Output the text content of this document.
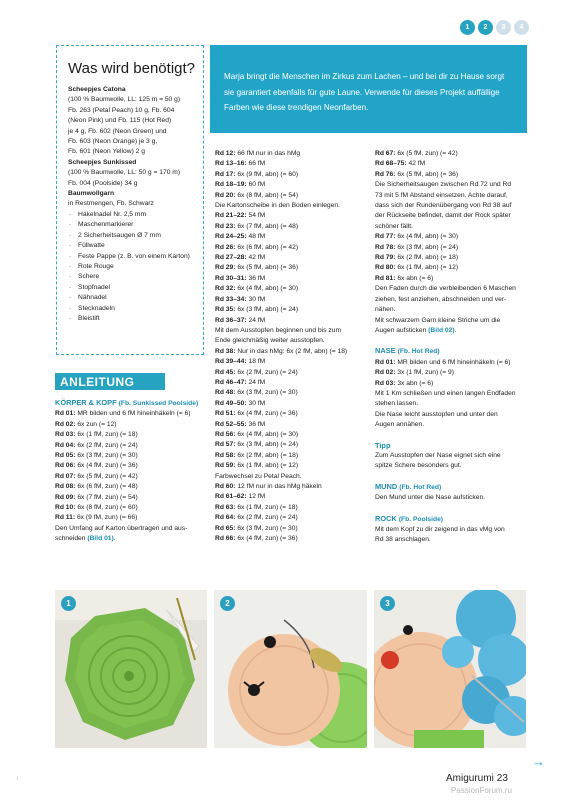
1	2	3	4
Was wird benötigt?
Scheepjes Catona
(100 % Baumwolle, LL: 125 m = 50 g)
Fb. 263 (Petal Peach) 10 g, Fb. 604
(Neon Pink) und Fb. 115 (Hot Red)
je 4 g, Fb. 602 (Neon Green) und
Fb. 603 (Neon Orange) je 3 g,
Fb. 601 (Neon Yellow) 2 g
Scheepjes Sunkissed
(100 % Baumwolle, LL: 50 g = 170 m)
Fb. 004 (Poolside) 34 g
Baumwollgarn
in Restmengen, Fb. Schwarz
· Häkelnadel Nr. 2,5 mm
· Maschenmarkierer
· 2 Sicherheitsaugen Ø 7 mm
· Füllwatte
· Feste Pappe (z. B. von einem Karton)
· Rote Rouge
· Schere
· Stopfnadel
· Nähnadel
· Stecknadeln
· Bleistift
Marja bringt die Menschen im Zirkus zum Lachen – und bei dir zu Hause sorgt sie garantiert ebenfalls für gute Laune. Verwende für dieses Projekt auffällige Farben wie diese trendigen Neonfarben.
ANLEITUNG
KÖRPER & KOPF (Fb. Sunkissed Poolside)
Rd 01: MR bilden und 6 fM hineinhäkeln (= 6)
Rd 02: 6x zun (= 12)
Rd 03: 6x (1 fM, zun) (= 18)
Rd 04: 6x (2 fM, zun) (= 24)
Rd 05: 6x (3 fM, zun) (= 30)
Rd 06: 6x (4 fM, zun) (= 36)
Rd 07: 6x (5 fM, zun) (= 42)
Rd 08: 6x (6 fM, zun) (= 48)
Rd 09: 6x (7 fM, zun) (= 54)
Rd 10: 6x (8 fM, zun) (= 60)
Rd 11: 6x (9 fM, zun) (= 66)
Den Umfang auf Karton übertragen und aus-
schneiden (Bild 01).
Rd 12: 66 fM nur in das hMg
Rd 13–16: 66 fM
Rd 17: 6x (9 fM, abn) (= 60)
Rd 18–19: 60 fM
Rd 20: 6x (8 fM, abn) (= 54)
Die Kartonscheibe in den Boden einlegen.
Rd 21–22: 54 fM
Rd 23: 6x (7 fM, abn) (= 48)
Rd 24–25: 48 fM
Rd 26: 6x (6 fM, abn) (= 42)
Rd 27–28: 42 fM
Rd 29: 6x (5 fM, abn) (= 36)
Rd 30–31: 36 fM
Rd 32: 6x (4 fM, abn) (= 30)
Rd 33–34: 30 fM
Rd 35: 6x (3 fM, abn) (= 24)
Rd 36–37: 24 fM
Mit dem Ausstopfen beginnen und bis zum
Ende gleichmäßig weiter ausstopfen.
Rd 38: Nur in das hMg: 6x (2 fM, abn) (= 18)
Rd 39–44: 18 fM
Rd 45: 6x (2 fM, zun) (= 24)
Rd 46–47: 24 fM
Rd 48: 6x (3 fM, zun) (= 30)
Rd 49–50: 30 fM
Rd 51: 6x (4 fM, zun) (= 36)
Rd 52–55: 36 fM
Rd 56: 6x (4 fM, abn) (= 30)
Rd 57: 6x (3 fM, abn) (= 24)
Rd 58: 6x (2 fM, abn) (= 18)
Rd 59: 6x (1 fM, abn) (= 12)
Farbwechsel zu Petal Peach.
Rd 60: 12 fM nur in das hMg häkeln
Rd 61–62: 12 fM
Rd 63: 6x (1 fM, zun) (= 18)
Rd 64: 6x (2 fM, zun) (= 24)
Rd 65: 6x (3 fM, zun) (= 30)
Rd 66: 6x (4 fM, zun) (= 36)
Rd 67: 6x (5 fM, zun) (= 42)
Rd 68–75: 42 fM
Rd 76: 6x (5 fM, abn) (= 36)
Die Sicherheitsaugen zwischen Rd 72 und Rd
73 mit 5 fM Abstand einsetzen. Achte darauf,
dass sich der Rundenübergang von Rd 38 auf
der Rückseite befindet, damit der Rock später
schöner fällt.
Rd 77: 6x (4 fM, abn) (= 30)
Rd 78: 6x (3 fM, abn) (= 24)
Rd 79: 6x (2 fM, abn) (= 18)
Rd 80: 6x (1 fM, abn) (= 12)
Rd 81: 6x abn (= 6)
Den Faden durch die verbleibenden 6 Maschen
ziehen, fest anziehen, abschneiden und ver-
nähen.
Mit schwarzem Garn kleine Striche um die
Augen aufsticken (Bild 02).
NASE (Fb. Hot Red)
Rd 01: MR bilden und 6 fM hineinhäkeln (= 6)
Rd 02: 3x (1 fM, zun) (= 9)
Rd 03: 3x abn (= 6)
Mit 1 Km schließen und einen langen Endfaden
stehen lassen.
Die Nase leicht ausstopfen und unter den
Augen annähen.
Tipp
Zum Ausstopfen der Nase eignet sich eine
spitze Schere besonders gut.
MUND (Fb. Hot Red)
Den Mund unter die Nase aufsticken.
ROCK (Fb. Poolside)
Mit dem Kopf zu dir zeigend in das vMg von
Rd 38 anschlagen.
1	2	3
→
ⱼ	Amigurumi 23
PassionForum.ru
